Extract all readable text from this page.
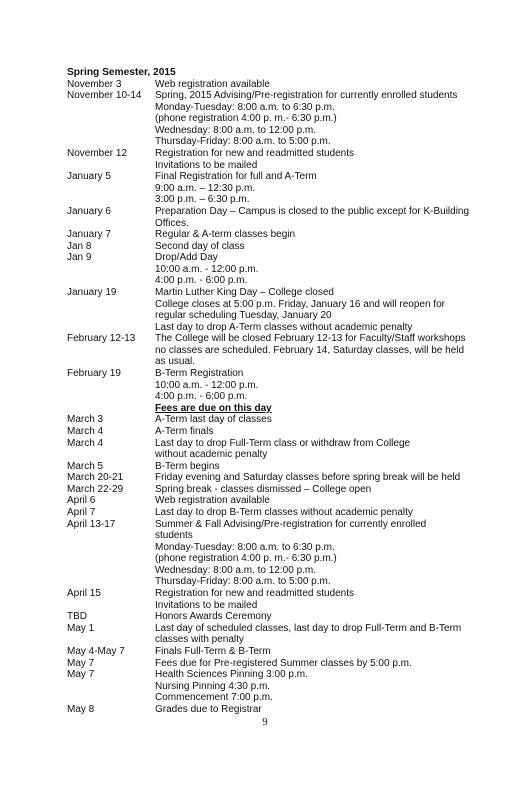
Spring Semester, 2015
November 3	Web registration available
November 10-14	Spring, 2015 Advising/Pre-registration for currently enrolled students
Monday-Tuesday: 8:00 a.m. to 6:30 p.m.
(phone registration 4:00 p. m.- 6:30 p.m.)
Wednesday: 8:00 a.m. to 12:00 p.m.
Thursday-Friday: 8:00 a.m. to 5:00 p.m.
November 12	Registration for new and readmitted students
Invitations to be mailed
January 5	Final Registration for full and A-Term
9:00 a.m. – 12:30 p.m.
3:00 p.m. – 6:30 p.m.
January 6	Preparation Day – Campus is closed to the public except for K-Building
Offices.
January 7	Regular & A-term classes begin
Jan 8	Second day of class
Jan 9	Drop/Add Day
10:00 a.m. - 12:00 p.m.
4:00 p.m. - 6:00 p.m.
January 19	Martin Luther King Day – College closed
College closes at 5:00 p.m. Friday, January 16 and will reopen for
regular scheduling Tuesday, January 20
Last day to drop A-Term classes without academic penalty
February 12-13	The College will be closed February 12-13 for Faculty/Staff workshops
no classes are scheduled. February 14, Saturday classes, will be held
as usual.
February 19	B-Term Registration
10:00 a.m. - 12:00 p.m.
4:00 p.m. - 6:00 p.m.
Fees are due on this day
March 3	A-Term last day of classes
March 4	A-Term finals
March 4	Last day to drop Full-Term class or withdraw from College
without academic penalty
March 5	B-Term begins
March 20-21	Friday evening and Saturday classes before spring break will be held
March 22-29	Spring break - classes dismissed – College open
April 6	Web registration available
April 7	Last day to drop B-Term classes without academic penalty
April 13-17	Summer & Fall Advising/Pre-registration for currently enrolled
students
Monday-Tuesday: 8:00 a.m. to 6:30 p.m.
(phone registration 4:00 p. m.- 6:30 p.m.)
Wednesday: 8:00 a.m. to 12:00 p.m.
Thursday-Friday: 8:00 a.m. to 5:00 p.m.
April 15	Registration for new and readmitted students
Invitations to be mailed
TBD	Honors Awards Ceremony
May 1	Last day of scheduled classes, last day to drop Full-Term and B-Term
classes with penalty
May 4-May 7	Finals Full-Term & B-Term
May 7	Fees due for Pre-registered Summer classes by 5:00 p.m.
May 7	Health Sciences Pinning 3:00 p.m.
Nursing Pinning 4:30 p.m.
Commencement 7:00 p.m.
May 8	Grades due to Registrar
9
